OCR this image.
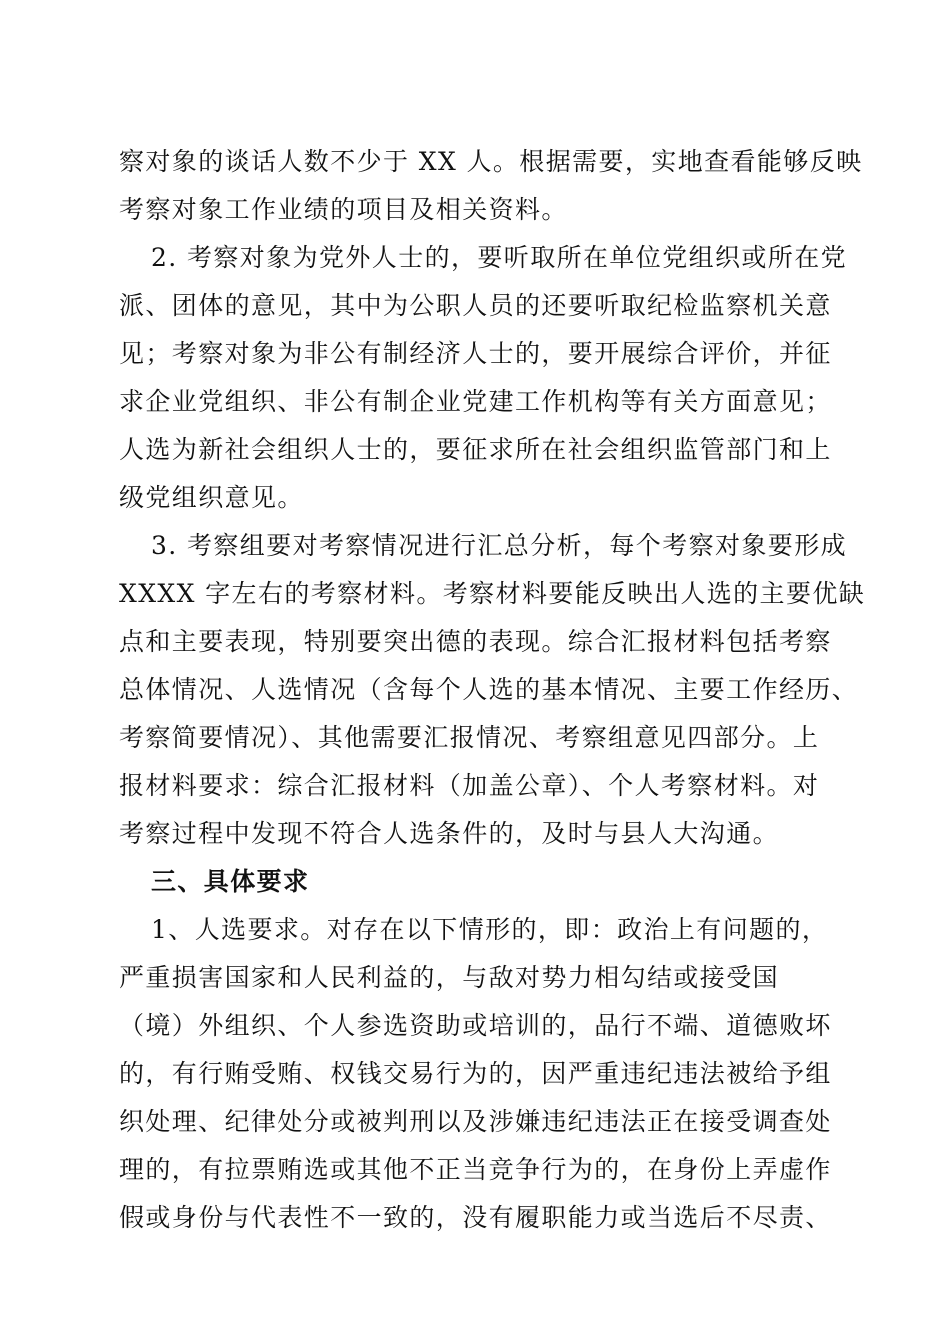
察对象的谈话人数不少于 XX 人。根据需要，实地查看能够反映
考察对象工作业绩的项目及相关资料。
2. 考察对象为党外人士的，要听取所在单位党组织或所在党
派、团体的意见，其中为公职人员的还要听取纪检监察机关意
见；考察对象为非公有制经济人士的，要开展综合评价，并征
求企业党组织、非公有制企业党建工作机构等有关方面意见；
人选为新社会组织人士的，要征求所在社会组织监管部门和上
级党组织意见。
3. 考察组要对考察情况进行汇总分析，每个考察对象要形成
XXXX 字左右的考察材料。考察材料要能反映出人选的主要优缺
点和主要表现，特别要突出德的表现。综合汇报材料包括考察
总体情况、人选情况（含每个人选的基本情况、主要工作经历、
考察简要情况）、其他需要汇报情况、考察组意见四部分。上
报材料要求：综合汇报材料（加盖公章）、个人考察材料。对
考察过程中发现不符合人选条件的，及时与县人大沟通。
三、具体要求
1、人选要求。对存在以下情形的，即：政治上有问题的，
严重损害国家和人民利益的，与敌对势力相勾结或接受国
（境）外组织、个人参选资助或培训的，品行不端、道德败坏
的，有行贿受贿、权钱交易行为的，因严重违纪违法被给予组
织处理、纪律处分或被判刑以及涉嫌违纪违法正在接受调查处
理的，有拉票贿选或其他不正当竞争行为的，在身份上弄虚作
假或身份与代表性不一致的，没有履职能力或当选后不尽责、
